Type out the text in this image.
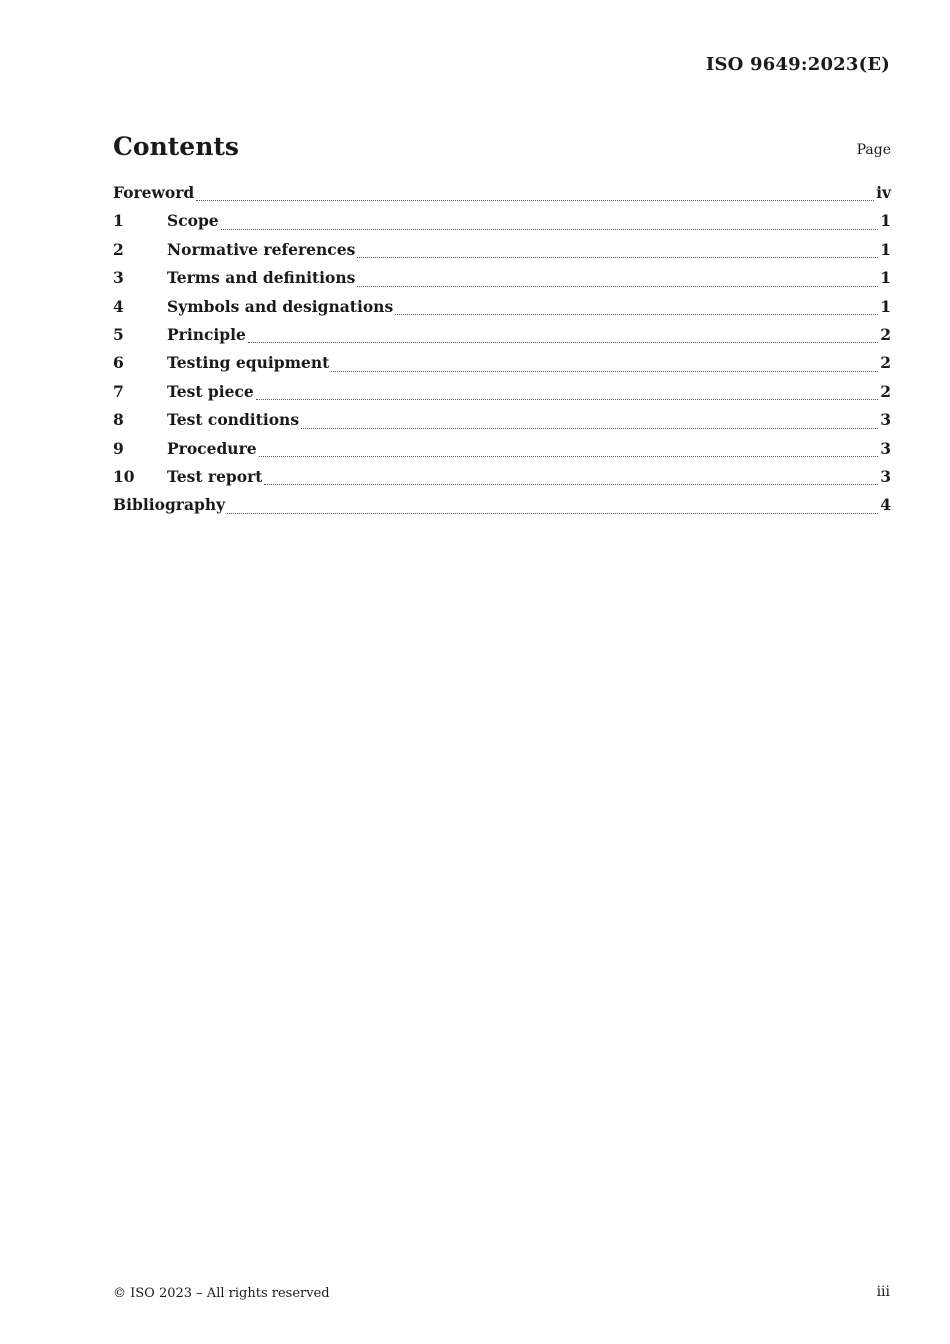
ISO 9649:2023(E)
Contents	Page
Foreword	iv
1	Scope	1
2	Normative references	1
3	Terms and definitions	1
4	Symbols and designations	1
5	Principle	2
6	Testing equipment	2
7	Test piece	2
8	Test conditions	3
9	Procedure	3
10	Test report	3
Bibliography	4
© ISO 2023 – All rights reserved	iii
